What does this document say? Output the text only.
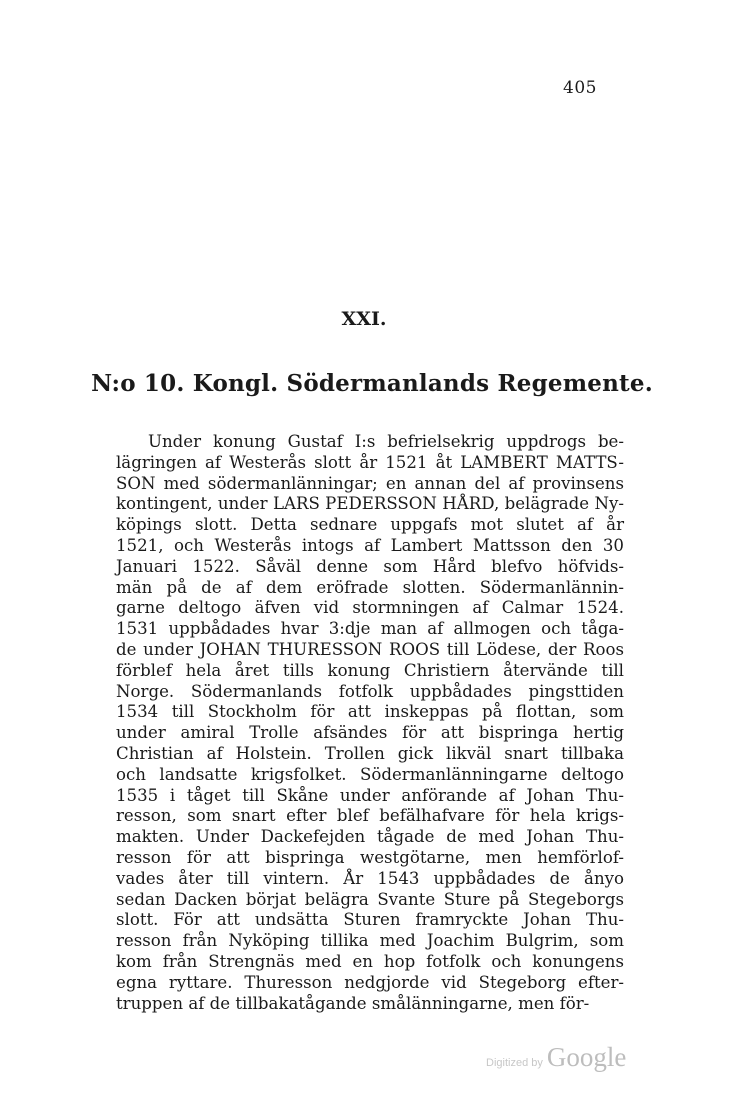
405
XXI.
N:o 10. Kongl. Södermanlands Regemente.
Under konung Gustaf I:s befrielsekrig uppdrogs be-
lägringen af Westerås slott år 1521 åt LAMBERT MATTS-
SON med södermanlänningar; en annan del af provinsens
kontingent, under LARS PEDERSSON HÅRD, belägrade Ny-
köpings slott. Detta sednare uppgafs mot slutet af år
1521, och Westerås intogs af Lambert Mattsson den 30
Januari 1522. Såväl denne som Hård blefvo höfvids-
män på de af dem eröfrade slotten. Södermanlännin-
garne deltogo äfven vid stormningen af Calmar 1524.
1531 uppbådades hvar 3:dje man af allmogen och tåga-
de under JOHAN THURESSON ROOS till Lödese, der Roos
förblef hela året tills konung Christiern återvände till
Norge. Södermanlands fotfolk uppbådades pingsttiden
1534 till Stockholm för att inskeppas på flottan, som
under amiral Trolle afsändes för att bispringa hertig
Christian af Holstein. Trollen gick likväl snart tillbaka
och landsatte krigsfolket. Södermanlänningarne deltogo
1535 i tåget till Skåne under anförande af Johan Thu-
resson, som snart efter blef befälhafvare för hela krigs-
makten. Under Dackefejden tågade de med Johan Thu-
resson för att bispringa westgötarne, men hemförlof-
vades åter till vintern. År 1543 uppbådades de ånyo
sedan Dacken börjat belägra Svante Sture på Stegeborgs
slott. För att undsätta Sturen framryckte Johan Thu-
resson från Nyköping tillika med Joachim Bulgrim, som
kom från Strengnäs med en hop fotfolk och konungens
egna ryttare. Thuresson nedgjorde vid Stegeborg efter-
truppen af de tillbakatågande smålänningarne, men för-
Digitized by Google
